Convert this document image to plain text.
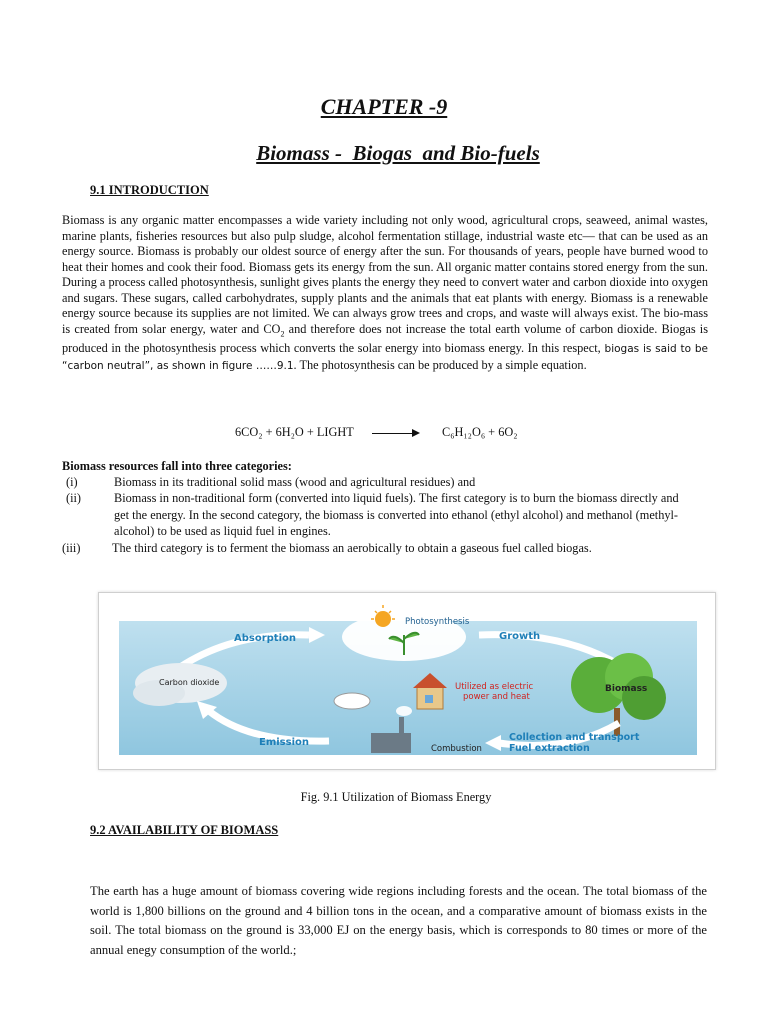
CHAPTER -9
Biomass -  Biogas  and Bio-fuels

9.1 INTRODUCTION

Biomass is any organic matter encompasses a wide variety including not only wood, agricultural crops, seaweed, animal wastes, marine plants, fisheries resources but also pulp sludge, alcohol fermentation stillage, industrial waste etc— that can be used as an energy source. Biomass is probably our oldest source of energy after the sun. For thousands of years, people have burned wood to heat their homes and cook their food. Biomass gets its energy from the sun. All organic matter contains stored energy from the sun. During a process called photosynthesis, sunlight gives plants the energy they need to convert water and carbon dioxide into oxygen and sugars. These sugars, called carbohydrates, supply plants and the animals that eat plants with energy. Biomass is a renewable energy source because its supplies are not limited. We can always grow trees and crops, and waste will always exist. The bio-mass is created from solar energy, water and $CO_2$ and therefore does not increase the total earth volume of carbon dioxide. Biogas is produced in the photosynthesis process which converts the solar energy into biomass energy. In this respect, biogas is said to be “carbon neutral”, as shown in figure ……9.1. The photosynthesis can be produced by a simple equation.

6CO₂ + 6H₂O + LIGHT	C₆H₁₂O₆ + 6O₂

Biomass resources fall into three categories:

(i)	Biomass in its traditional solid mass (wood and agricultural residues) and
(ii)	Biomass in non-traditional form (converted into liquid fuels). The first category is to burn the biomass directly and get the energy. In the second category, the biomass is converted into ethanol (ethyl alcohol) and methanol (methyl-alcohol) to be used as liquid fuel in engines.
(iii)	The third category is to ferment the biomass an aerobically to obtain a gaseous fuel called biogas.
Photosynthesis
Absorption	Growth
Carbon dioxide
Biomass
Utilized as electric
power and heat
Combustion
Emission	Collection and transport
Fuel extraction

Fig. 9.1 Utilization of Biomass Energy

9.2 AVAILABILITY OF BIOMASS

The earth has a huge amount of biomass covering wide regions including forests and the ocean. The total biomass of the world is 1,800 billions on the ground and 4 billion tons in the ocean, and a comparative amount of biomass exists in the soil. The total biomass on the ground is 33,000 EJ on the energy basis, which is corresponds to 80 times or more of the annual enegy consumption of the world.;
